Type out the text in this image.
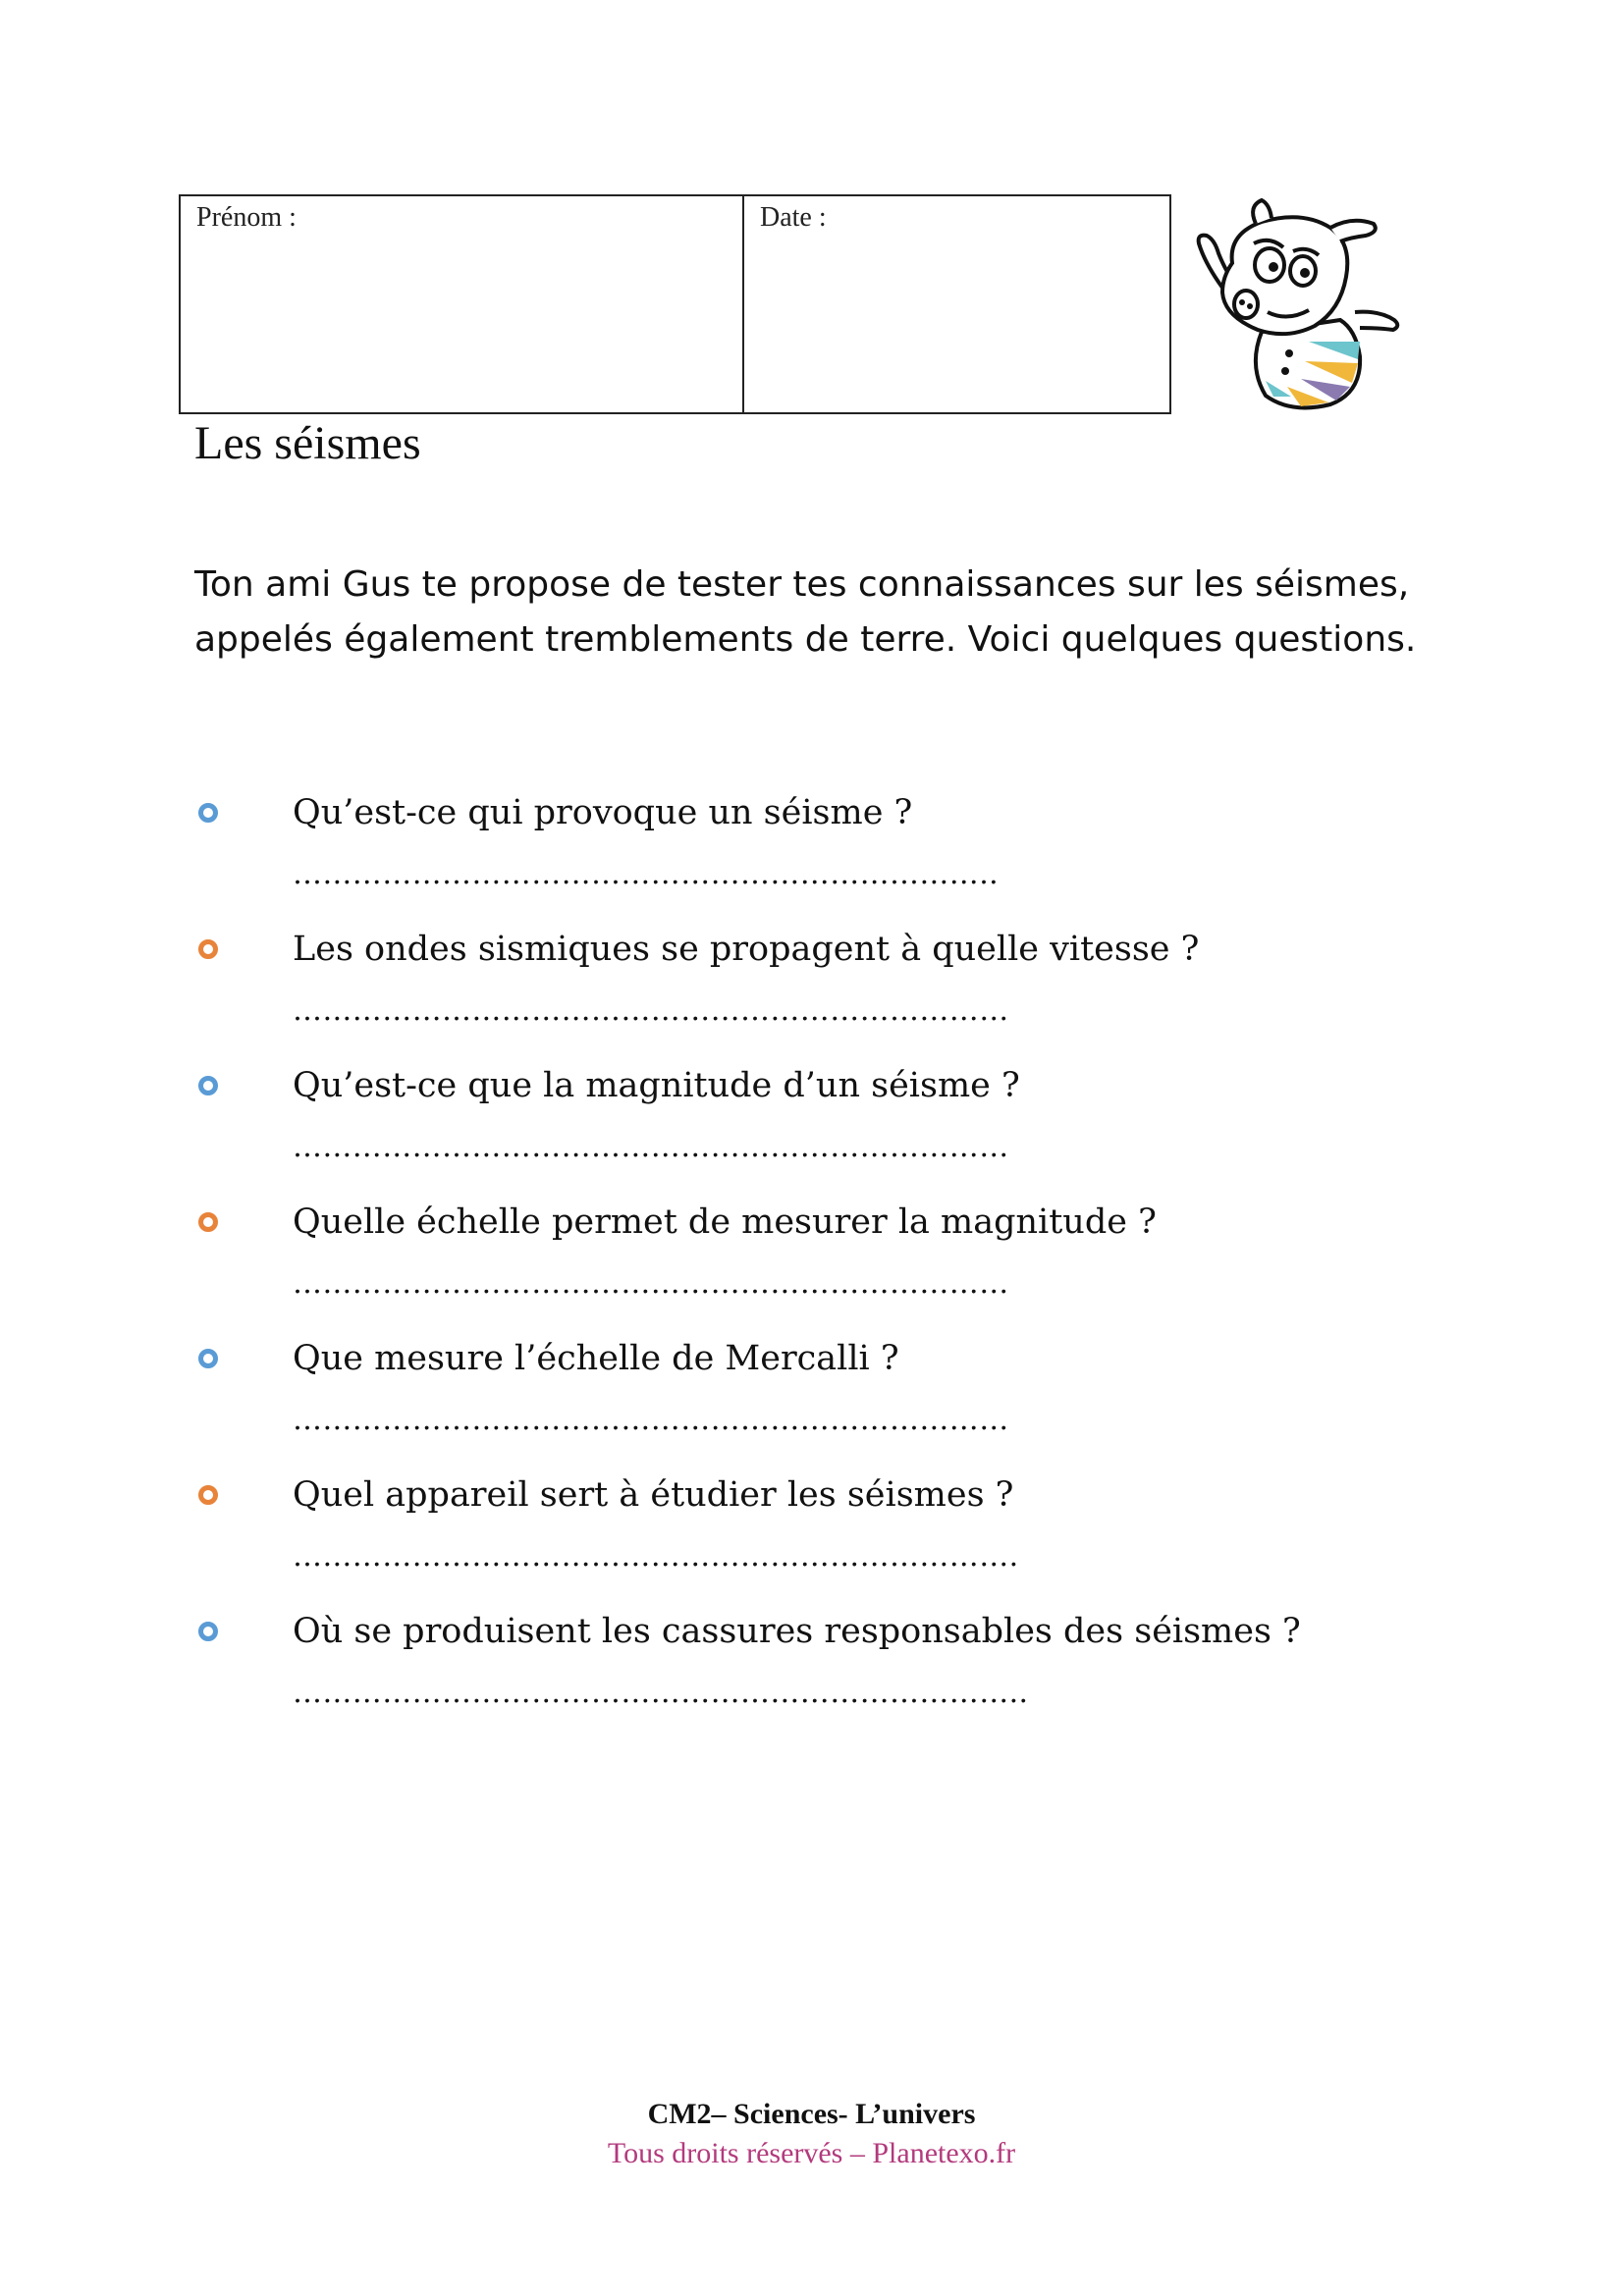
Prénom :	Date :
Les séismes

Ton ami Gus te propose de tester tes connaissances sur les séismes, appelés également tremblements de terre. Voici quelques questions.

Qu’est-ce qui provoque un séisme ?
……………………………………………………………..
Les ondes sismiques se propagent à quelle vitesse ?
………………………………………………………………
Qu’est-ce que la magnitude d’un séisme ?
………………………………………………………………
Quelle échelle permet de mesurer la magnitude ?
………………………………………………………………
Que mesure l’échelle de Mercalli ?
………………………………………………………………
Quel appareil sert à étudier les séismes ?
……………………………………………………………….
Où se produisent les cassures responsables des séismes ?
………………………………………………………………..
CM2– Sciences- L’univers
Tous droits réservés – Planetexo.fr
